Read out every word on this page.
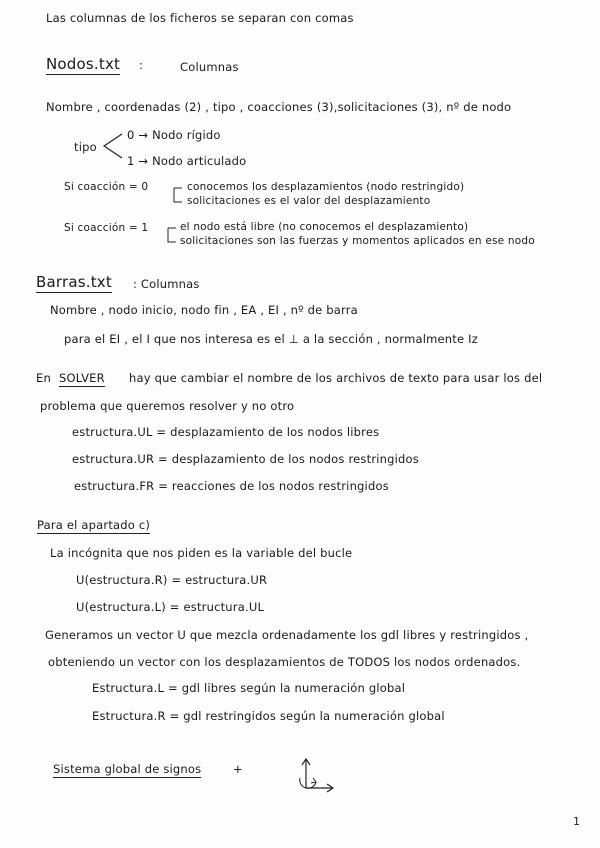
Las columnas de los ficheros se separan con comas
Nodos.txt :	Columnas
Nombre , coordenadas (2) , tipo , coacciones (3),solicitaciones (3), nº de nodo
tipo
0 → Nodo rígido
1 → Nodo articulado
Si coacción = 0	conocemos los desplazamientos (nodo restringido)
solicitaciones es el valor del desplazamiento
Si coacción = 1	el nodo está libre (no conocemos el desplazamiento)
solicitaciones son las fuerzas y momentos aplicados en ese nodo
Barras.txt : Columnas
Nombre , nodo inicio, nodo fin , EA , EI , nº de barra
para el EI , el I que nos interesa es el ⊥ a la sección , normalmente Iz
En SOLVER hay que cambiar el nombre de los archivos de texto para usar los del
problema que queremos resolver y no otro
estructura.UL = desplazamiento de los nodos libres
estructura.UR = desplazamiento de los nodos restringidos
estructura.FR = reacciones de los nodos restringidos
Para el apartado c)
La incógnita que nos piden es la variable del bucle
U(estructura.R) = estructura.UR
U(estructura.L) = estructura.UL
Generamos un vector U que mezcla ordenadamente los gdl libres y restringidos ,
obteniendo un vector con los desplazamientos de TODOS los nodos ordenados.
Estructura.L = gdl libres según la numeración global
Estructura.R = gdl restringidos según la numeración global
Sistema global de signos	+
1
